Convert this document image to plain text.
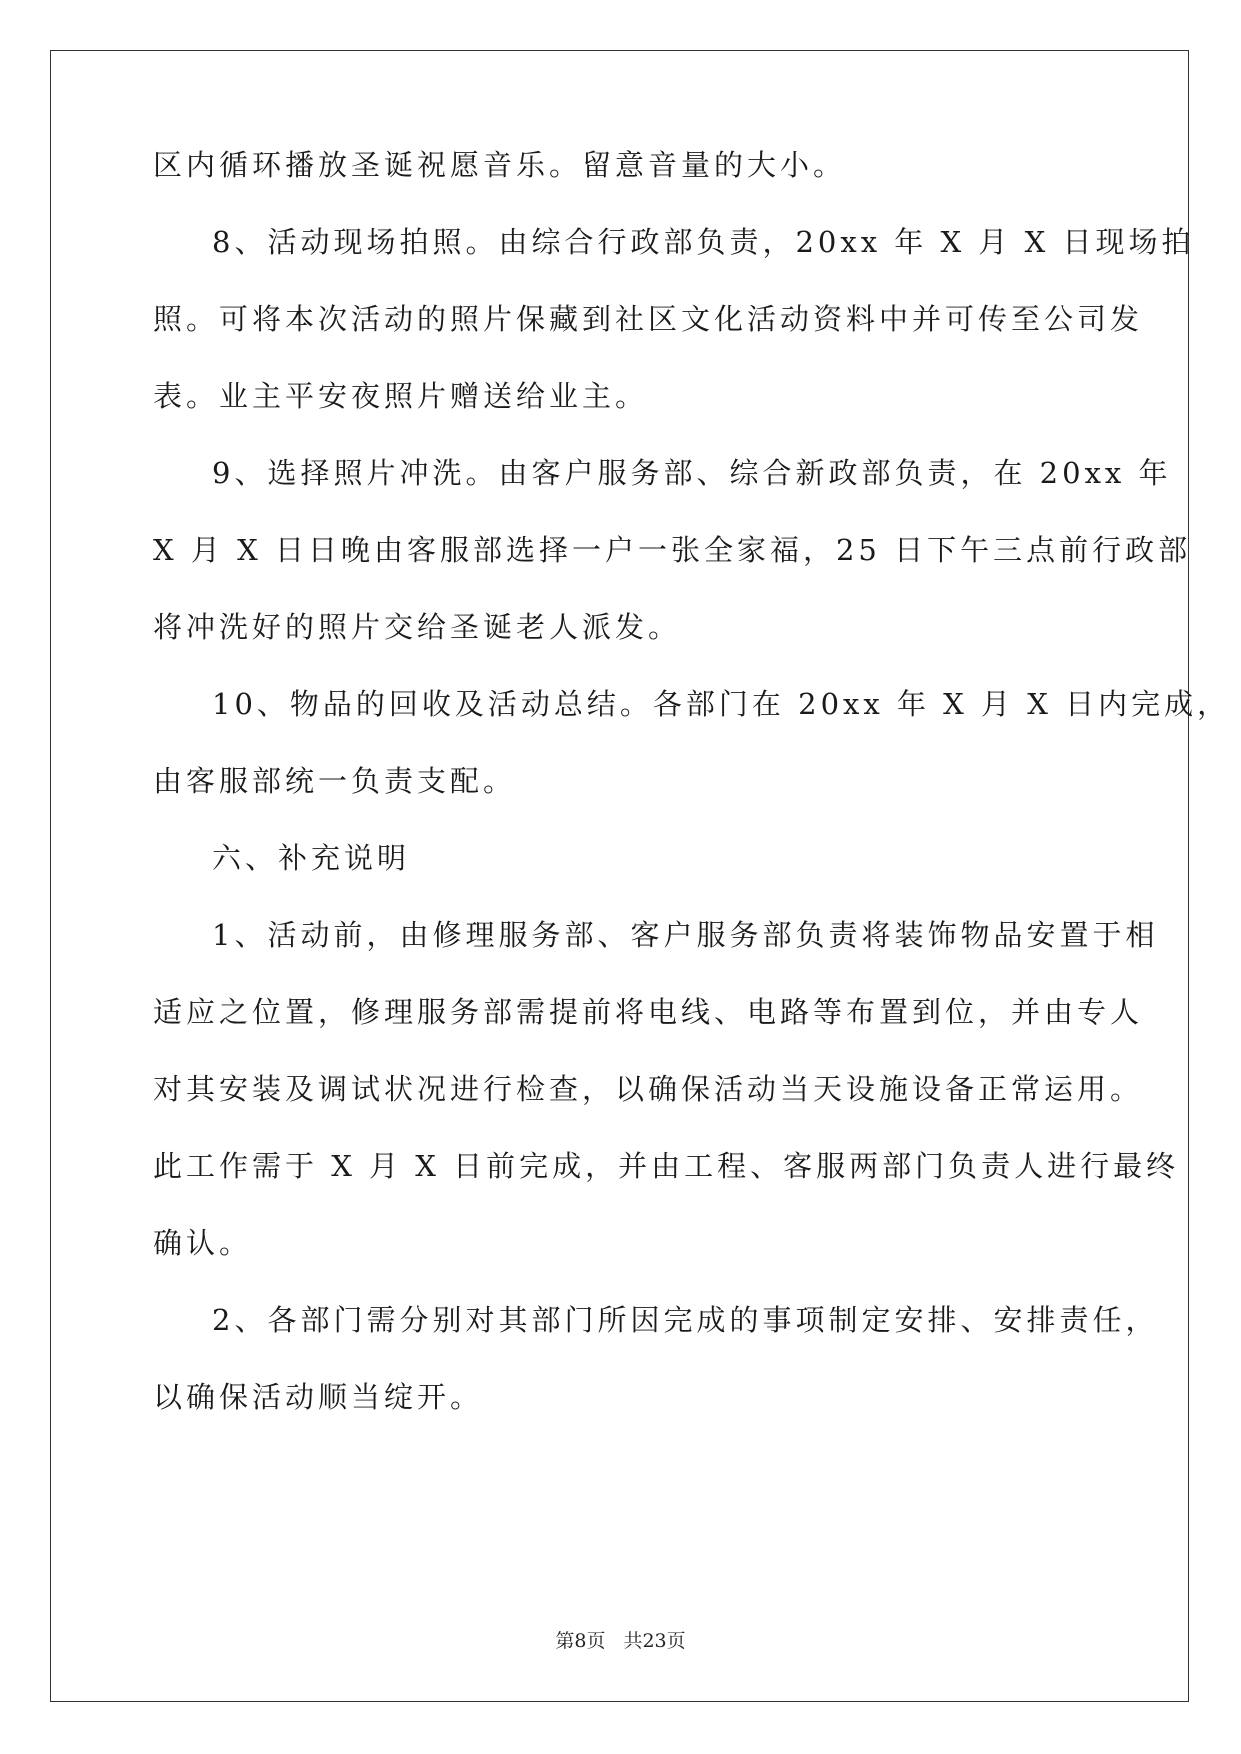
区内循环播放圣诞祝愿音乐。留意音量的大小。
8、活动现场拍照。由综合行政部负责，20xx 年 X 月 X 日现场拍
照。可将本次活动的照片保藏到社区文化活动资料中并可传至公司发
表。业主平安夜照片赠送给业主。
9、选择照片冲洗。由客户服务部、综合新政部负责，在 20xx 年
X 月 X 日日晚由客服部选择一户一张全家福，25 日下午三点前行政部
将冲洗好的照片交给圣诞老人派发。
10、物品的回收及活动总结。各部门在 20xx 年 X 月 X 日内完成，
由客服部统一负责支配。
六、补充说明
1、活动前，由修理服务部、客户服务部负责将装饰物品安置于相
适应之位置，修理服务部需提前将电线、电路等布置到位，并由专人
对其安装及调试状况进行检查，以确保活动当天设施设备正常运用。
此工作需于 X 月 X 日前完成，并由工程、客服两部门负责人进行最终
确认。
2、各部门需分别对其部门所因完成的事项制定安排、安排责任，
以确保活动顺当绽开。
第8页 共23页
